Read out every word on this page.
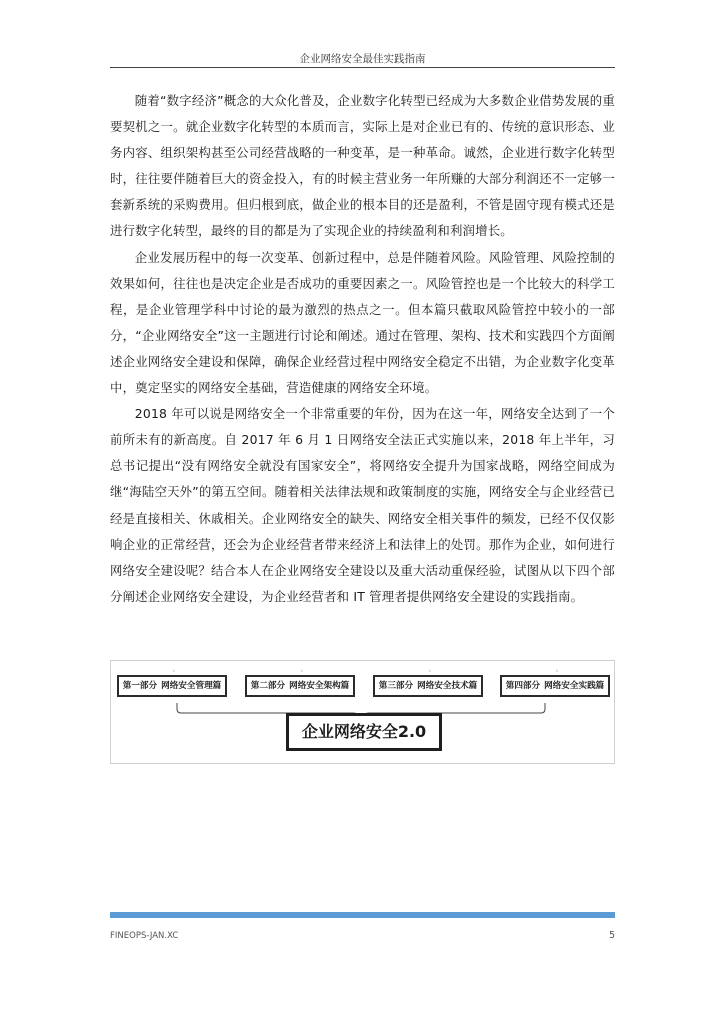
企业网络安全最佳实践指南

随着“数字经济”概念的大众化普及，企业数字化转型已经成为大多数企业借势发展的重要契机之一。就企业数字化转型的本质而言，实际上是对企业已有的、传统的意识形态、业务内容、组织架构甚至公司经营战略的一种变革，是一种革命。诚然，企业进行数字化转型时，往往要伴随着巨大的资金投入，有的时候主营业务一年所赚的大部分利润还不一定够一套新系统的采购费用。但归根到底，做企业的根本目的还是盈利，不管是固守现有模式还是进行数字化转型，最终的目的都是为了实现企业的持续盈利和利润增长。

企业发展历程中的每一次变革、创新过程中，总是伴随着风险。风险管理、风险控制的效果如何，往往也是决定企业是否成功的重要因素之一。风险管控也是一个比较大的科学工程，是企业管理学科中讨论的最为激烈的热点之一。但本篇只截取风险管控中较小的一部分，“企业网络安全”这一主题进行讨论和阐述。通过在管理、架构、技术和实践四个方面阐述企业网络安全建设和保障，确保企业经营过程中网络安全稳定不出错，为企业数字化变革中，奠定坚实的网络安全基础，营造健康的网络安全环境。

2018 年可以说是网络安全一个非常重要的年份，因为在这一年，网络安全达到了一个前所未有的新高度。自 2017 年 6 月 1 日网络安全法正式实施以来，2018 年上半年，习总书记提出“没有网络安全就没有国家安全”，将网络安全提升为国家战略，网络空间成为继“海陆空天外”的第五空间。随着相关法律法规和政策制度的实施，网络安全与企业经营已经是直接相关、休戚相关。企业网络安全的缺失、网络安全相关事件的频发，已经不仅仅影响企业的正常经营，还会为企业经营者带来经济上和法律上的处罚。那作为企业，如何进行网络安全建设呢？结合本人在企业网络安全建设以及重大活动重保经验，试图从以下四个部分阐述企业网络安全建设，为企业经营者和 IT 管理者提供网络安全建设的实践指南。

◦
第一部分 网络安全管理篇
◦
第二部分 网络安全架构篇
◦
第三部分 网络安全技术篇
◦
第四部分 网络安全实践篇
企业网络安全2.0
FINEOPS-JAN.XC	5
